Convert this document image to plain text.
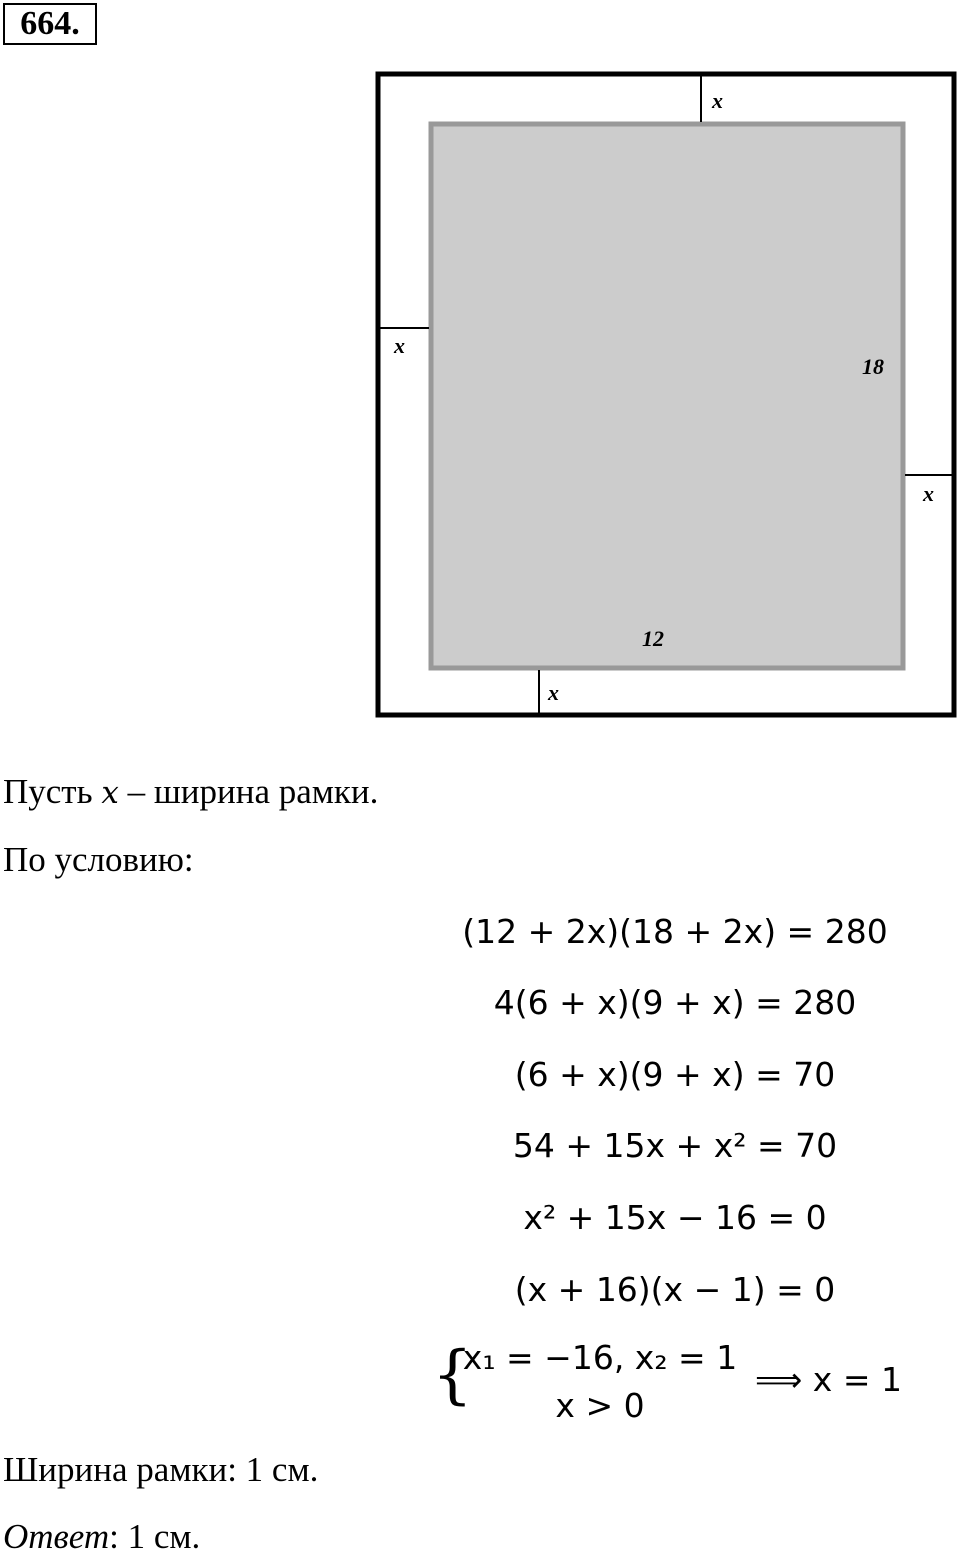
664.
x
x
x
x
18
12
Пусть x – ширина рамки.
По условию:
(12 + 2x)(18 + 2x) = 280
4(6 + x)(9 + x) = 280
(6 + x)(9 + x) = 70
54 + 15x + x² = 70
x² + 15x − 16 = 0
(x + 16)(x − 1) = 0
{
x₁ = −16, x₂ = 1
x > 0
⟹ x = 1
Ширина рамки: 1 см.
Ответ: 1 см.
